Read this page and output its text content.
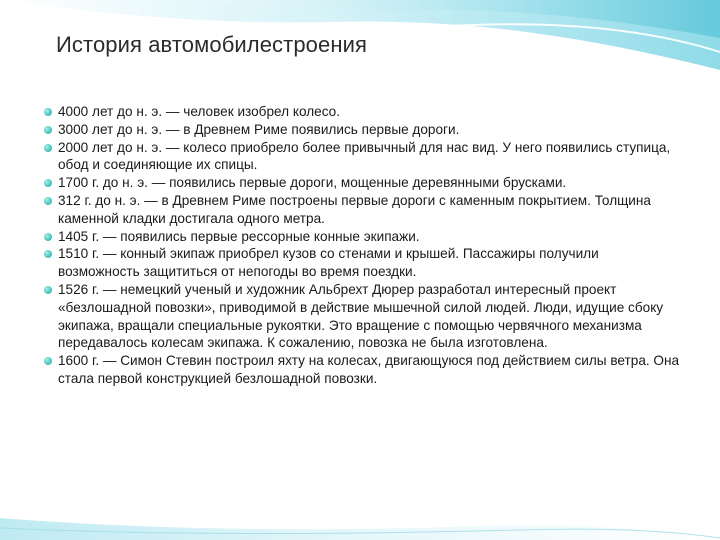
История автомобилестроения
4000 лет до н. э. — человек изобрел колесо.
3000 лет до н. э. — в Древнем Риме появились первые дороги.
2000 лет до н. э. — колесо приобрело более привычный для нас вид. У него появились ступица, обод и соединяющие их спицы.
1700 г. до н. э. — появились первые дороги, мощенные деревянными брусками.
312 г. до н. э. — в Древнем Риме построены первые дороги с каменным покрытием. Толщина каменной кладки достигала одного метра.
1405 г. — появились первые рессорные конные экипажи.
1510 г. — конный экипаж приобрел кузов со стенами и крышей. Пассажиры получили возможность защититься от непогоды во время поездки.
1526 г. — немецкий ученый и художник Альбрехт Дюрер разработал интересный проект «безлошадной повозки», приводимой в действие мышечной силой людей. Люди, идущие сбоку экипажа, вращали специальные рукоятки. Это вращение с помощью червячного механизма передавалось колесам экипажа. К сожалению, повозка не была изготовлена.
1600 г. — Симон Стевин построил яхту на колесах, двигающуюся под действием силы ветра. Она стала первой конструкцией безлошадной повозки.
